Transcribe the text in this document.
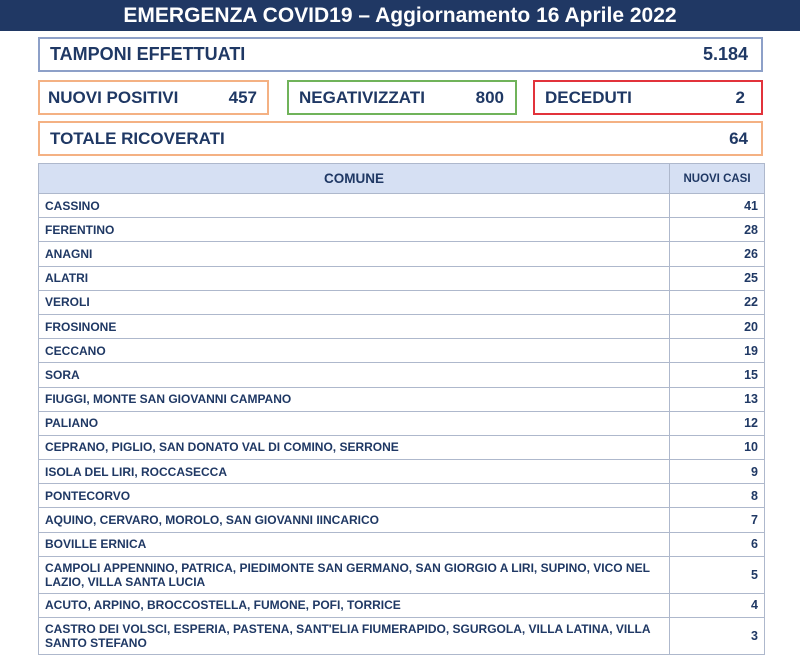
EMERGENZA COVID19 – Aggiornamento 16 Aprile 2022
TAMPONI EFFETTUATI	5.184
NUOVI POSITIVI	457 NEGATIVIZZATI	800 DECEDUTI	2
TOTALE RICOVERATI	64
COMUNE	NUOVI CASI
CASSINO	41
FERENTINO	28
ANAGNI	26
ALATRI	25
VEROLI	22
FROSINONE	20
CECCANO	19
SORA	15
FIUGGI, MONTE SAN GIOVANNI CAMPANO	13
PALIANO	12
CEPRANO, PIGLIO, SAN DONATO VAL DI COMINO, SERRONE	10
ISOLA DEL LIRI, ROCCASECCA	9
PONTECORVO	8
AQUINO, CERVARO, MOROLO, SAN GIOVANNI IINCARICO	7
BOVILLE ERNICA	6
CAMPOLI APPENNINO, PATRICA, PIEDIMONTE SAN GERMANO, SAN GIORGIO A LIRI, SUPINO, VICO NEL LAZIO, VILLA SANTA LUCIA	5
ACUTO, ARPINO, BROCCOSTELLA, FUMONE, POFI, TORRICE	4
CASTRO DEI VOLSCI, ESPERIA, PASTENA, SANT'ELIA FIUMERAPIDO, SGURGOLA, VILLA LATINA, VILLA SANTO STEFANO	3
